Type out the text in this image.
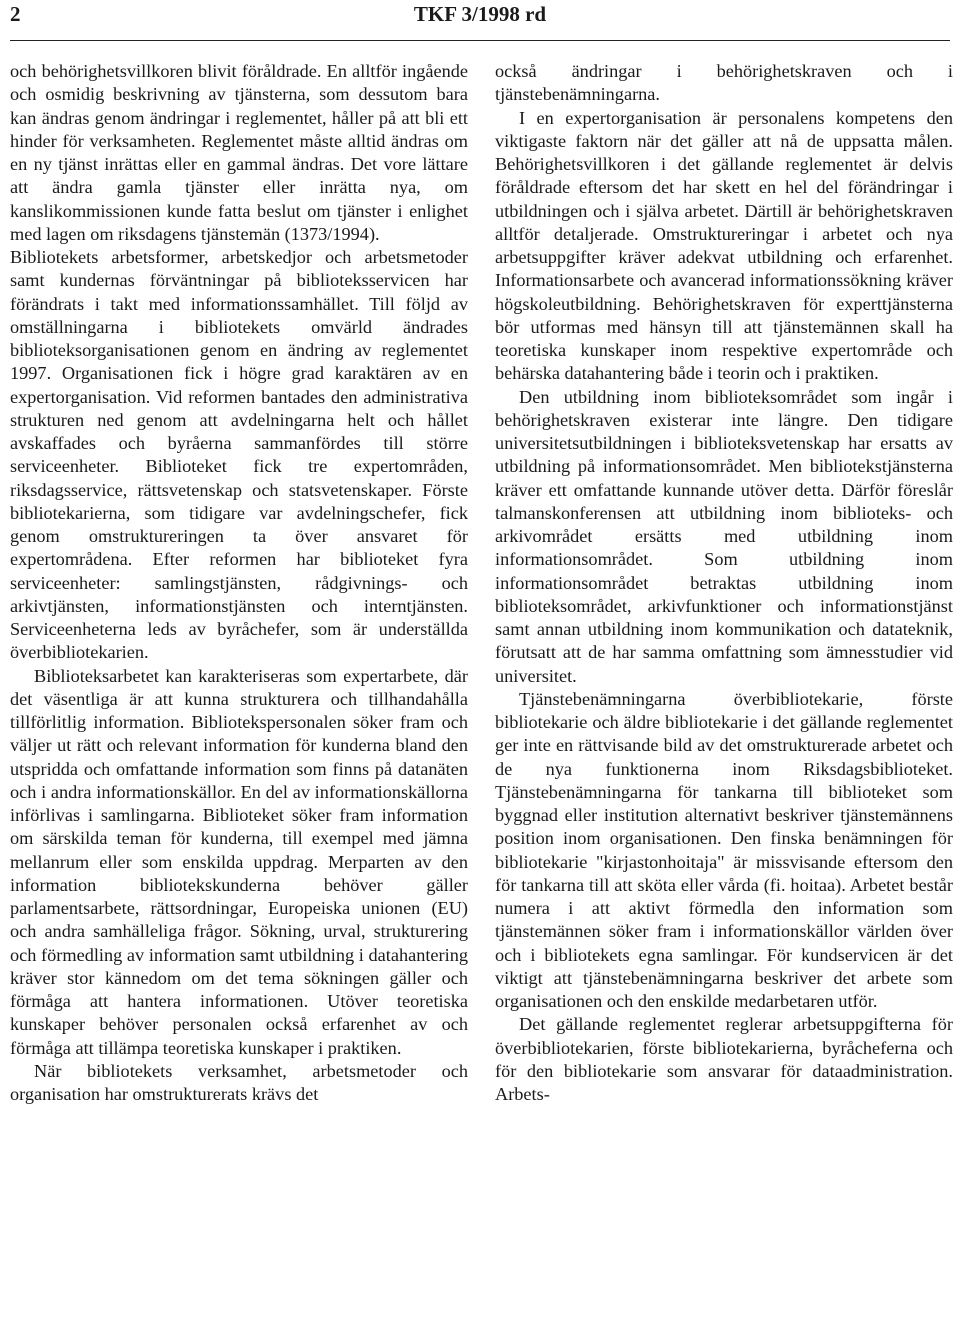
2	TKF 3/1998 rd

och behörighetsvillkoren blivit föråldrade. En alltför ingående och osmidig beskrivning av tjänsterna, som dessutom bara kan ändras genom ändringar i reglementet, håller på att bli ett hinder för verksamheten. Reglementet måste alltid ändras om en ny tjänst inrättas eller en gammal ändras. Det vore lättare att ändra gamla tjänster eller inrätta nya, om kanslikommissionen kunde fatta beslut om tjänster i enlighet med lagen om riksdagens tjänstemän (1373/1994).

Bibliotekets arbetsformer, arbetskedjor och arbetsmetoder samt kundernas förväntningar på biblioteksservicen har förändrats i takt med informationssamhället. Till följd av omställningarna i bibliotekets omvärld ändrades biblioteksorganisationen genom en ändring av reglementet 1997. Organisationen fick i högre grad karaktären av en expertorganisation. Vid reformen bantades den administrativa strukturen ned genom att avdelningarna helt och hållet avskaffades och byråerna sammanfördes till större serviceenheter. Biblioteket fick tre expertområden, riksdagsservice, rättsvetenskap och statsvetenskaper. Förste bibliotekarierna, som tidigare var avdelningschefer, fick genom omstruktureringen ta över ansvaret för expertområdena. Efter reformen har biblioteket fyra serviceenheter: samlingstjänsten, rådgivnings- och arkivtjänsten, informationstjänsten och interntjänsten. Serviceenheterna leds av byråchefer, som är underställda överbibliotekarien.

Biblioteksarbetet kan karakteriseras som expertarbete, där det väsentliga är att kunna strukturera och tillhandahålla tillförlitlig information. Bibliotekspersonalen söker fram och väljer ut rätt och relevant information för kunderna bland den utspridda och omfattande information som finns på datanäten och i andra informationskällor. En del av informationskällorna införlivas i samlingarna. Biblioteket söker fram information om särskilda teman för kunderna, till exempel med jämna mellanrum eller som enskilda uppdrag. Merparten av den information bibliotekskunderna behöver gäller parlamentsarbete, rättsordningar, Europeiska unionen (EU) och andra samhälleliga frågor. Sökning, urval, strukturering och förmedling av information samt utbildning i datahantering kräver stor kännedom om det tema sökningen gäller och förmåga att hantera informationen. Utöver teoretiska kunskaper behöver personalen också erfarenhet av och förmåga att tillämpa teoretiska kunskaper i praktiken.

När bibliotekets verksamhet, arbetsmetoder och organisation har omstrukturerats krävs det

också ändringar i behörighetskraven och i tjänstebenämningarna.

I en expertorganisation är personalens kompetens den viktigaste faktorn när det gäller att nå de uppsatta målen. Behörighetsvillkoren i det gällande reglementet är delvis föråldrade eftersom det har skett en hel del förändringar i utbildningen och i själva arbetet. Därtill är behörighetskraven alltför detaljerade. Omstruktureringar i arbetet och nya arbetsuppgifter kräver adekvat utbildning och erfarenhet. Informationsarbete och avancerad informationssökning kräver högskoleutbildning. Behörighetskraven för experttjänsterna bör utformas med hänsyn till att tjänstemännen skall ha teoretiska kunskaper inom respektive expertområde och behärska datahantering både i teorin och i praktiken.

Den utbildning inom biblioteksområdet som ingår i behörighetskraven existerar inte längre. Den tidigare universitetsutbildningen i biblioteksvetenskap har ersatts av utbildning på informationsområdet. Men bibliotekstjänsterna kräver ett omfattande kunnande utöver detta. Därför föreslår talmanskonferensen att utbildning inom biblioteks- och arkivområdet ersätts med utbildning inom informationsområdet. Som utbildning inom informationsområdet betraktas utbildning inom biblioteksområdet, arkivfunktioner och informationstjänst samt annan utbildning inom kommunikation och datateknik, förutsatt att de har samma omfattning som ämnesstudier vid universitet.

Tjänstebenämningarna överbibliotekarie, förste bibliotekarie och äldre bibliotekarie i det gällande reglementet ger inte en rättvisande bild av det omstrukturerade arbetet och de nya funktionerna inom Riksdagsbiblioteket. Tjänstebenämningarna för tankarna till biblioteket som byggnad eller institution alternativt beskriver tjänstemännens position inom organisationen. Den finska benämningen för bibliotekarie "kirjastonhoitaja" är missvisande eftersom den för tankarna till att sköta eller vårda (fi. hoitaa). Arbetet består numera i att aktivt förmedla den information som tjänstemännen söker fram i informationskällor världen över och i bibliotekets egna samlingar. För kundservicen är det viktigt att tjänstebenämningarna beskriver det arbete som organisationen och den enskilde medarbetaren utför.

Det gällande reglementet reglerar arbetsuppgifterna för överbibliotekarien, förste bibliotekarierna, byråcheferna och för den bibliotekarie som ansvarar för dataadministration. Arbets-
